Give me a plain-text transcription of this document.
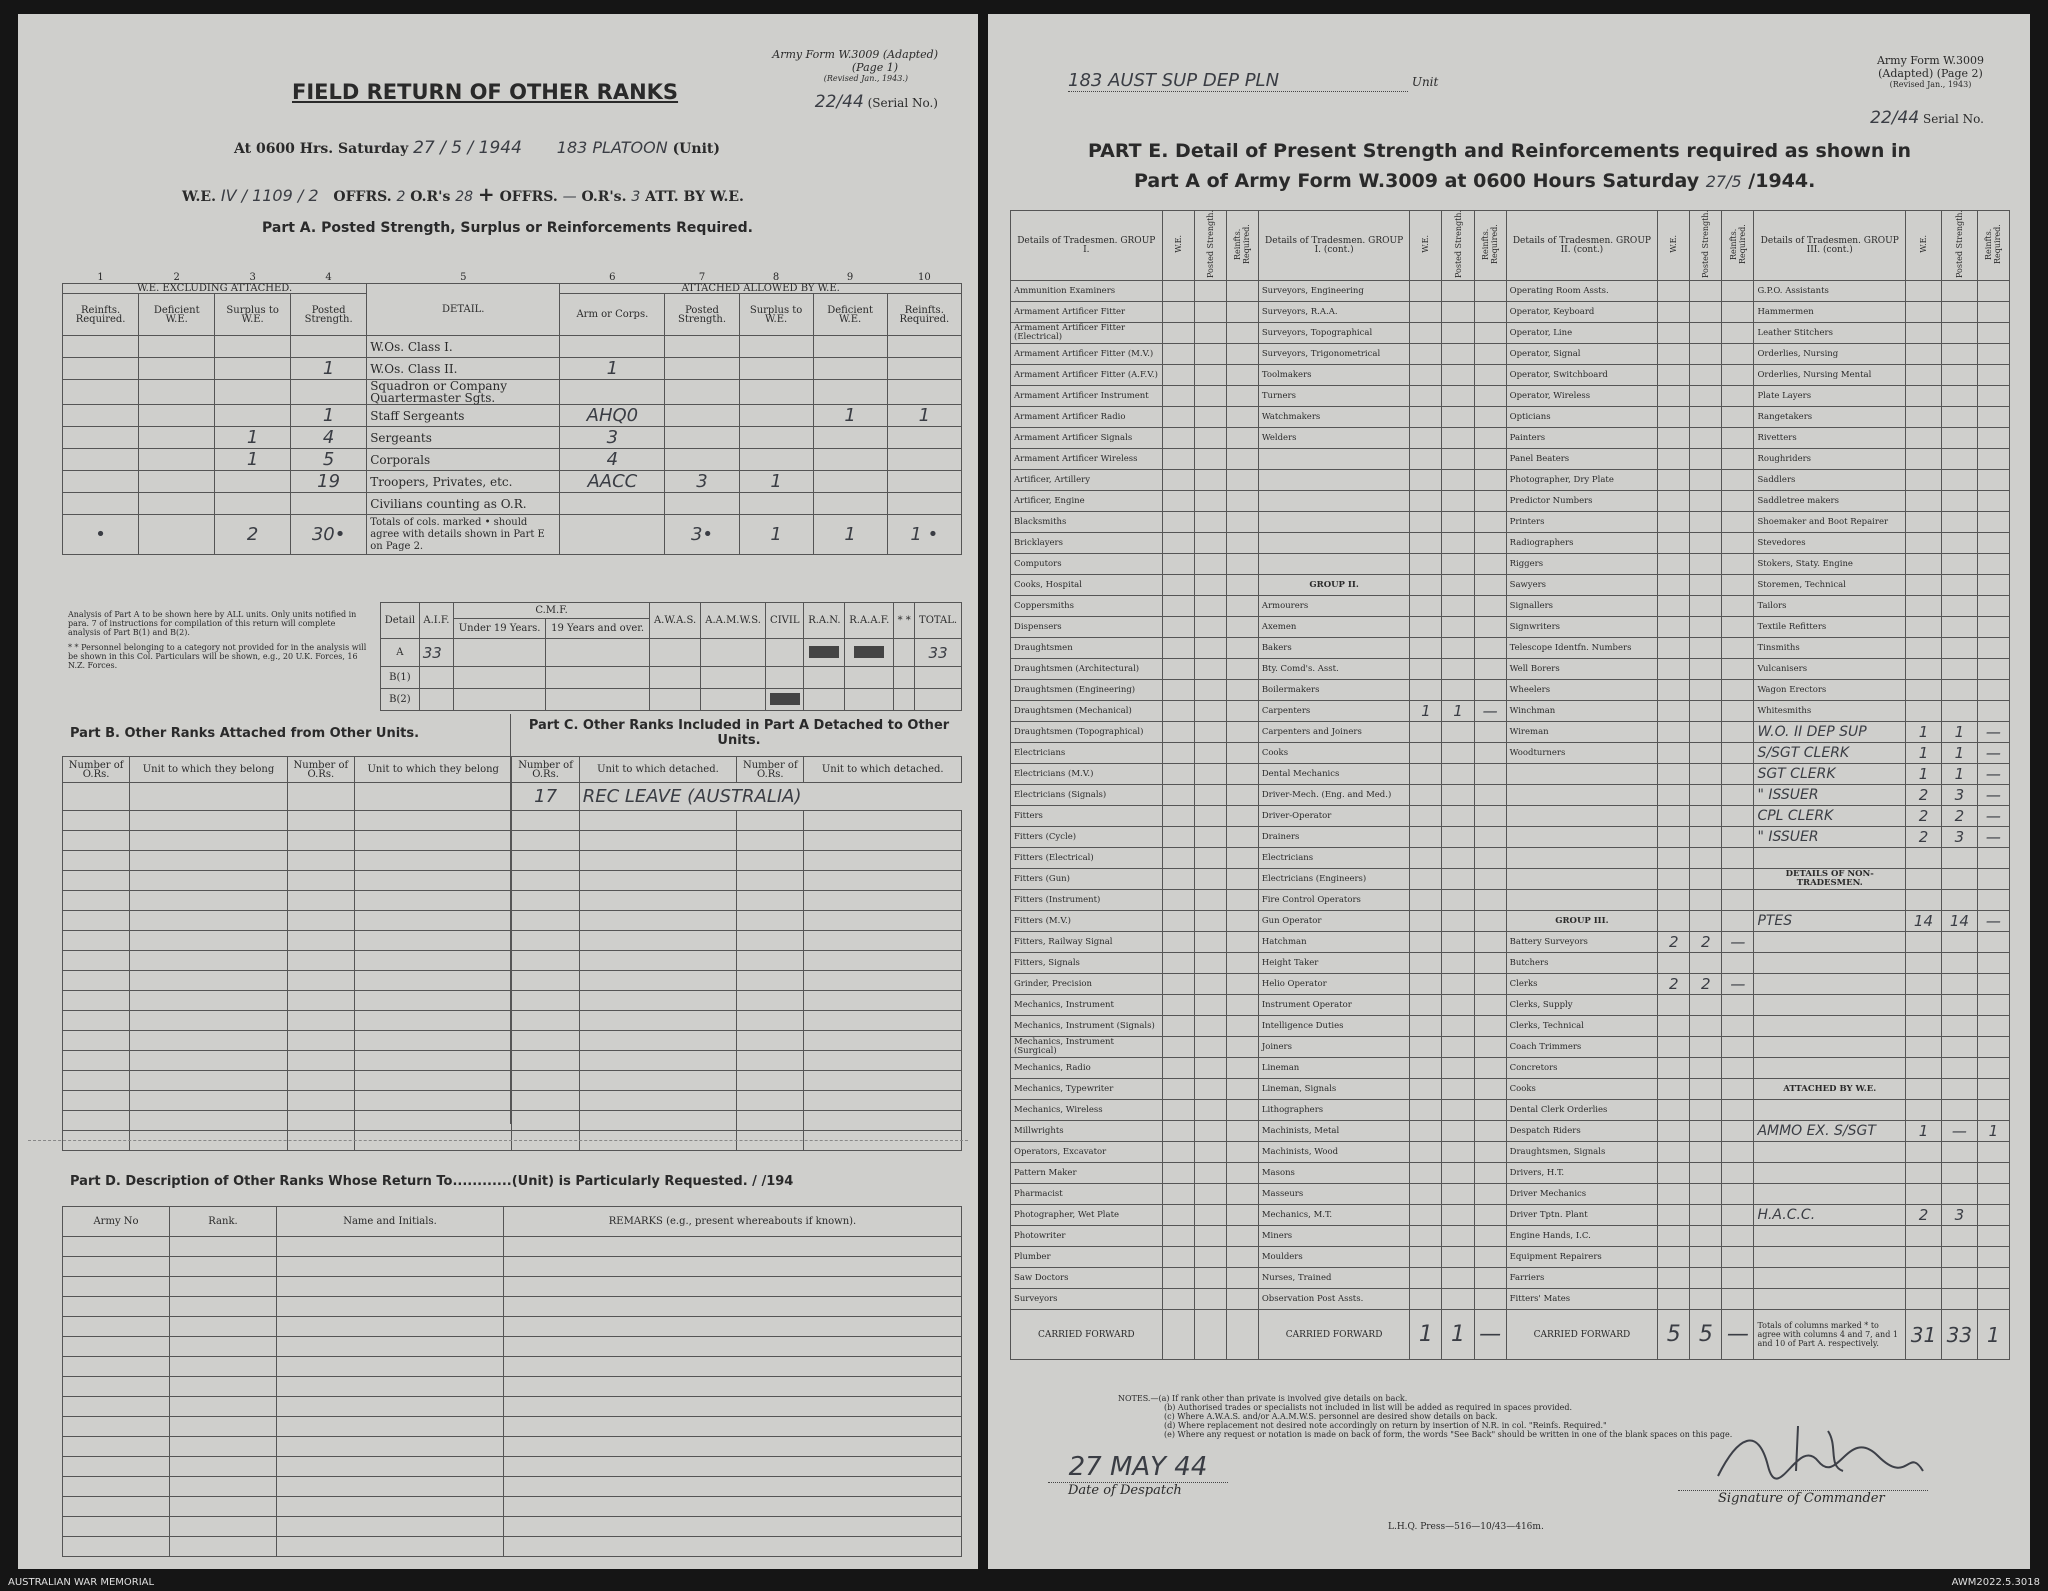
Army Form W.3009 (Adapted)
(Page 1)
(Revised Jan., 1943.)
22/44 (Serial No.)
FIELD RETURN OF OTHER RANKS
At 0600 Hrs. Saturday 27 / 5 / 1944 183 PLATOON (Unit)
W.E. IV / 1109 / 2 OFFRS. 2 O.R's 28 + OFFRS. — O.R's. 3 ATT. BY W.E.
Part A. Posted Strength, Surplus or Reinforcements Required.
1	2	3	4	5	6	7	8	9	10
W.E. EXCLUDING ATTACHED.				DETAIL.	ATTACHED ALLOWED BY W.E.				
Reinfts. Required.	Deficient W.E.	Surplus to W.E.	Posted Strength.		Arm or Corps.	Posted Strength.	Surplus to W.E.	Deficient W.E.	Reinfts. Required.
				W.Os. Class I.					
			1	W.Os. Class II.	1				
				Squadron or Company Quartermaster Sgts.					
			1	Staff Sergeants	AHQ0			1	1
		1	4	Sergeants	3				
		1	5	Corporals	4				
			19	Troopers, Privates, etc.	AACC	3	1		
				Civilians counting as O.R.					
•		2	30•	Totals of cols. marked • should agree with details shown in Part E on Page 2.		3•	1	1	1 •
Analysis of Part A to be shown here by ALL units. Only units notified in para. 7 of instructions for compilation of this return will complete analysis of Part B(1) and B(2).
* * Personnel belonging to a category not provided for in the analysis will be shown in this Col. Particulars will be shown, e.g., 20 U.K. Forces, 16 N.Z. Forces.
Detail	A.I.F.	C.M.F.		A.W.A.S.	A.A.M.W.S.	CIVIL	R.A.N.	R.A.A.F.	* *	TOTAL.
		Under 19 Years.	19 Years and over.							
A	33									33
B(1)										
B(2)										
Part B. Other Ranks Attached from Other Units.
Part C. Other Ranks Included in Part A Detached to Other Units.
Number of O.Rs.	Unit to which they belong	Number of O.Rs.	Unit to which they belong	Number of O.Rs.	Unit to which detached.	Number of O.Rs.	Unit to which detached.
				17	REC LEAVE (AUSTRALIA)		

Part D. Description of Other Ranks Whose Return To............(Unit) is Particularly Requested. / /194
Army No	Rank.	Name and Initials.	REMARKS (e.g., present whereabouts if known).

183 AUST SUP DEP PLN	Unit
Army Form W.3009
(Adapted) (Page 2)
(Revised Jan., 1943)
22/44 Serial No.
PART E. Detail of Present Strength and Reinforcements required as shown in
Part A of Army Form W.3009 at 0600 Hours Saturday 27/5 /1944.
Details of Tradesmen. GROUP I.	W.E.	Posted Strength.	Reinfts. Required.	Details of Tradesmen. GROUP I. (cont.)	W.E.	Posted Strength.	Reinfts. Required.	Details of Tradesmen. GROUP II. (cont.)	W.E.	Posted Strength.	Reinfts. Required.	Details of Tradesmen. GROUP III. (cont.)	W.E.	Posted Strength.	Reinfts. Required.
Ammunition Examiners				Surveyors, Engineering				Operating Room Assts.				G.P.O. Assistants			
Armament Artificer Fitter				Surveyors, R.A.A.				Operator, Keyboard				Hammermen			
Armament Artificer Fitter (Electrical)				Surveyors, Topographical				Operator, Line				Leather Stitchers			
Armament Artificer Fitter (M.V.)				Surveyors, Trigonometrical				Operator, Signal				Orderlies, Nursing			
Armament Artificer Fitter (A.F.V.)				Toolmakers				Operator, Switchboard				Orderlies, Nursing Mental			
Armament Artificer Instrument				Turners				Operator, Wireless				Plate Layers			
Armament Artificer Radio				Watchmakers				Opticians				Rangetakers			
Armament Artificer Signals				Welders				Painters				Rivetters			
Armament Artificer Wireless								Panel Beaters				Roughriders			
Artificer, Artillery								Photographer, Dry Plate				Saddlers			
Artificer, Engine								Predictor Numbers				Saddletree makers			
Blacksmiths								Printers				Shoemaker and Boot Repairer			
Bricklayers								Radiographers				Stevedores			
Computors								Riggers				Stokers, Staty. Engine			
Cooks, Hospital				GROUP II.				Sawyers				Storemen, Technical			
Coppersmiths				Armourers				Signallers				Tailors			
Dispensers				Axemen				Signwriters				Textile Refitters			
Draughtsmen				Bakers				Telescope Identfn. Numbers				Tinsmiths			
Draughtsmen (Architectural)				Bty. Comd's. Asst.				Well Borers				Vulcanisers			
Draughtsmen (Engineering)				Boilermakers				Wheelers				Wagon Erectors			
Draughtsmen (Mechanical)				Carpenters	1	1	—	Winchman				Whitesmiths			
Draughtsmen (Topographical)				Carpenters and Joiners				Wireman				W.O. II DEP SUP	1	1	—
Electricians				Cooks				Woodturners				S/SGT CLERK	1	1	—
Electricians (M.V.)				Dental Mechanics								SGT CLERK	1	1	—
Electricians (Signals)				Driver-Mech. (Eng. and Med.)								" ISSUER	2	3	—
Fitters				Driver-Operator								CPL CLERK	2	2	—
Fitters (Cycle)				Drainers								" ISSUER	2	3	—
Fitters (Electrical)				Electricians											
Fitters (Gun)				Electricians (Engineers)								DETAILS OF NON-TRADESMEN.			
Fitters (Instrument)				Fire Control Operators											
Fitters (M.V.)				Gun Operator				GROUP III.				PTES	14	14	—
Fitters, Railway Signal				Hatchman				Battery Surveyors	2	2	—				
Fitters, Signals				Height Taker				Butchers							
Grinder, Precision				Helio Operator				Clerks	2	2	—				
Mechanics, Instrument				Instrument Operator				Clerks, Supply							
Mechanics, Instrument (Signals)				Intelligence Duties				Clerks, Technical							
Mechanics, Instrument (Surgical)				Joiners				Coach Trimmers							
Mechanics, Radio				Lineman				Concretors							
Mechanics, Typewriter				Lineman, Signals				Cooks				ATTACHED BY W.E.			
Mechanics, Wireless				Lithographers				Dental Clerk Orderlies							
Millwrights				Machinists, Metal				Despatch Riders				AMMO EX. S/SGT	1	—	1
Operators, Excavator				Machinists, Wood				Draughtsmen, Signals							
Pattern Maker				Masons				Drivers, H.T.							
Pharmacist				Masseurs				Driver Mechanics							
Photographer, Wet Plate				Mechanics, M.T.				Driver Tptn. Plant				H.A.C.C.	2	3	
Photowriter				Miners				Engine Hands, I.C.							
Plumber				Moulders				Equipment Repairers							
Saw Doctors				Nurses, Trained				Farriers							
Surveyors				Observation Post Assts.				Fitters' Mates							
CARRIED FORWARD				CARRIED FORWARD	1	1	—	CARRIED FORWARD	5	5	—	Totals of columns marked * to agree with columns 4 and 7, and 1 and 10 of Part A. respectively.	31	33	1
NOTES.—(a) If rank other than private is involved give details on back.
(b) Authorised trades or specialists not included in list will be added as required in spaces provided.
(c) Where A.W.A.S. and/or A.A.M.W.S. personnel are desired show details on back.
(d) Where replacement not desired note accordingly on return by insertion of N.R. in col. "Reinfs. Required."
(e) Where any request or notation is made on back of form, the words "See Back" should be written in one of the blank spaces on this page.
27 MAY 44
Date of Despatch
Signature of Commander
L.H.Q. Press—516—10/43—416m.
AUSTRALIAN WAR MEMORIAL	AWM2022.5.3018
